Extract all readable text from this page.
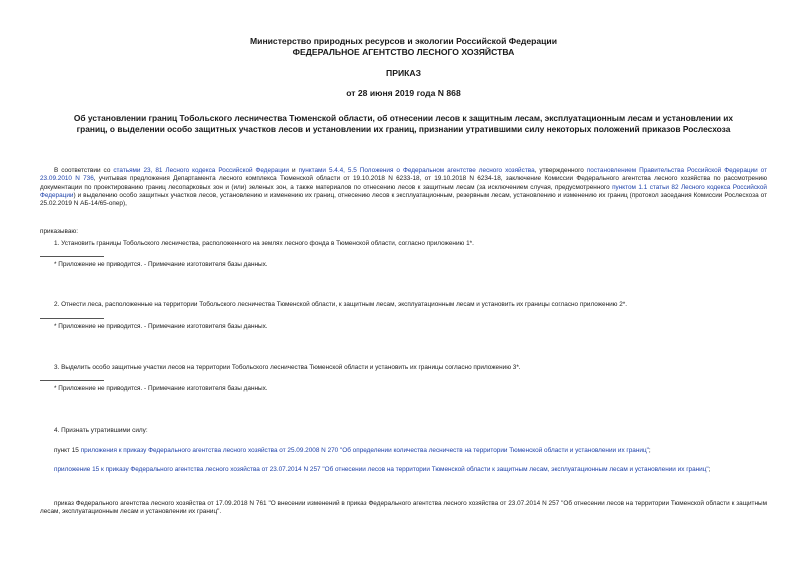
Министерство природных ресурсов и экологии Российской Федерации
ФЕДЕРАЛЬНОЕ АГЕНТСТВО ЛЕСНОГО ХОЗЯЙСТВА
ПРИКАЗ
от 28 июня 2019 года N 868
Об установлении границ Тобольского лесничества Тюменской области, об отнесении лесов к защитным лесам, эксплуатационным лесам и установлении их
границ, о выделении особо защитных участков лесов и установлении их границ, признании утратившими силу некоторых положений приказов Рослесхоза
В соответствии со статьями 23, 81 Лесного кодекса Российской Федерации и пунктами 5.4.4, 5.5 Положения о Федеральном агентстве лесного хозяйства, утвержденного постановлением Правительства Российской Федерации от 23.09.2010 N 736, учитывая предложения Департамента лесного комплекса Тюменской области от 19.10.2018 N 6233-18, от 19.10.2018 N 6234-18, заключение Комиссии Федерального агентства лесного хозяйства по рассмотрению документации по проектированию границ лесопарковых зон и (или) зеленых зон, а также материалов по отнесению лесов к защитным лесам (за исключением случая, предусмотренного пунктом 1.1 статьи 82 Лесного кодекса Российской Федерации) и выделению особо защитных участков лесов, установлению и изменению их границ, отнесению лесов к эксплуатационным, резервным лесам, установлению и изменению их границ (протокол заседания Комиссии Рослесхоза от 25.02.2019 N АБ-14/65-опер),
приказываю:
1. Установить границы Тобольского лесничества, расположенного на землях лесного фонда в Тюменской области, согласно приложению 1*.
* Приложение не приводится. - Примечание изготовителя базы данных.
2. Отнести леса, расположенные на территории Тобольского лесничества Тюменской области, к защитным лесам, эксплуатационным лесам и установить их границы согласно приложению 2*.
* Приложение не приводится. - Примечание изготовителя базы данных.
3. Выделить особо защитные участки лесов на территории Тобольского лесничества Тюменской области и установить их границы согласно приложению 3*.
* Приложение не приводится. - Примечание изготовителя базы данных.
4. Признать утратившими силу:
пункт 15 приложения к приказу Федерального агентства лесного хозяйства от 25.09.2008 N 270 "Об определении количества лесничеств на территории Тюменской области и установлении их границ";
приложение 15 к приказу Федерального агентства лесного хозяйства от 23.07.2014 N 257 "Об отнесении лесов на территории Тюменской области к защитным лесам, эксплуатационным лесам и установлении их границ";
приказ Федерального агентства лесного хозяйства от 17.09.2018 N 761 "О внесении изменений в приказ Федерального агентства лесного хозяйства от 23.07.2014 N 257 "Об отнесении лесов на территории Тюменской области к защитным лесам, эксплуатационным лесам и установлении их границ".
